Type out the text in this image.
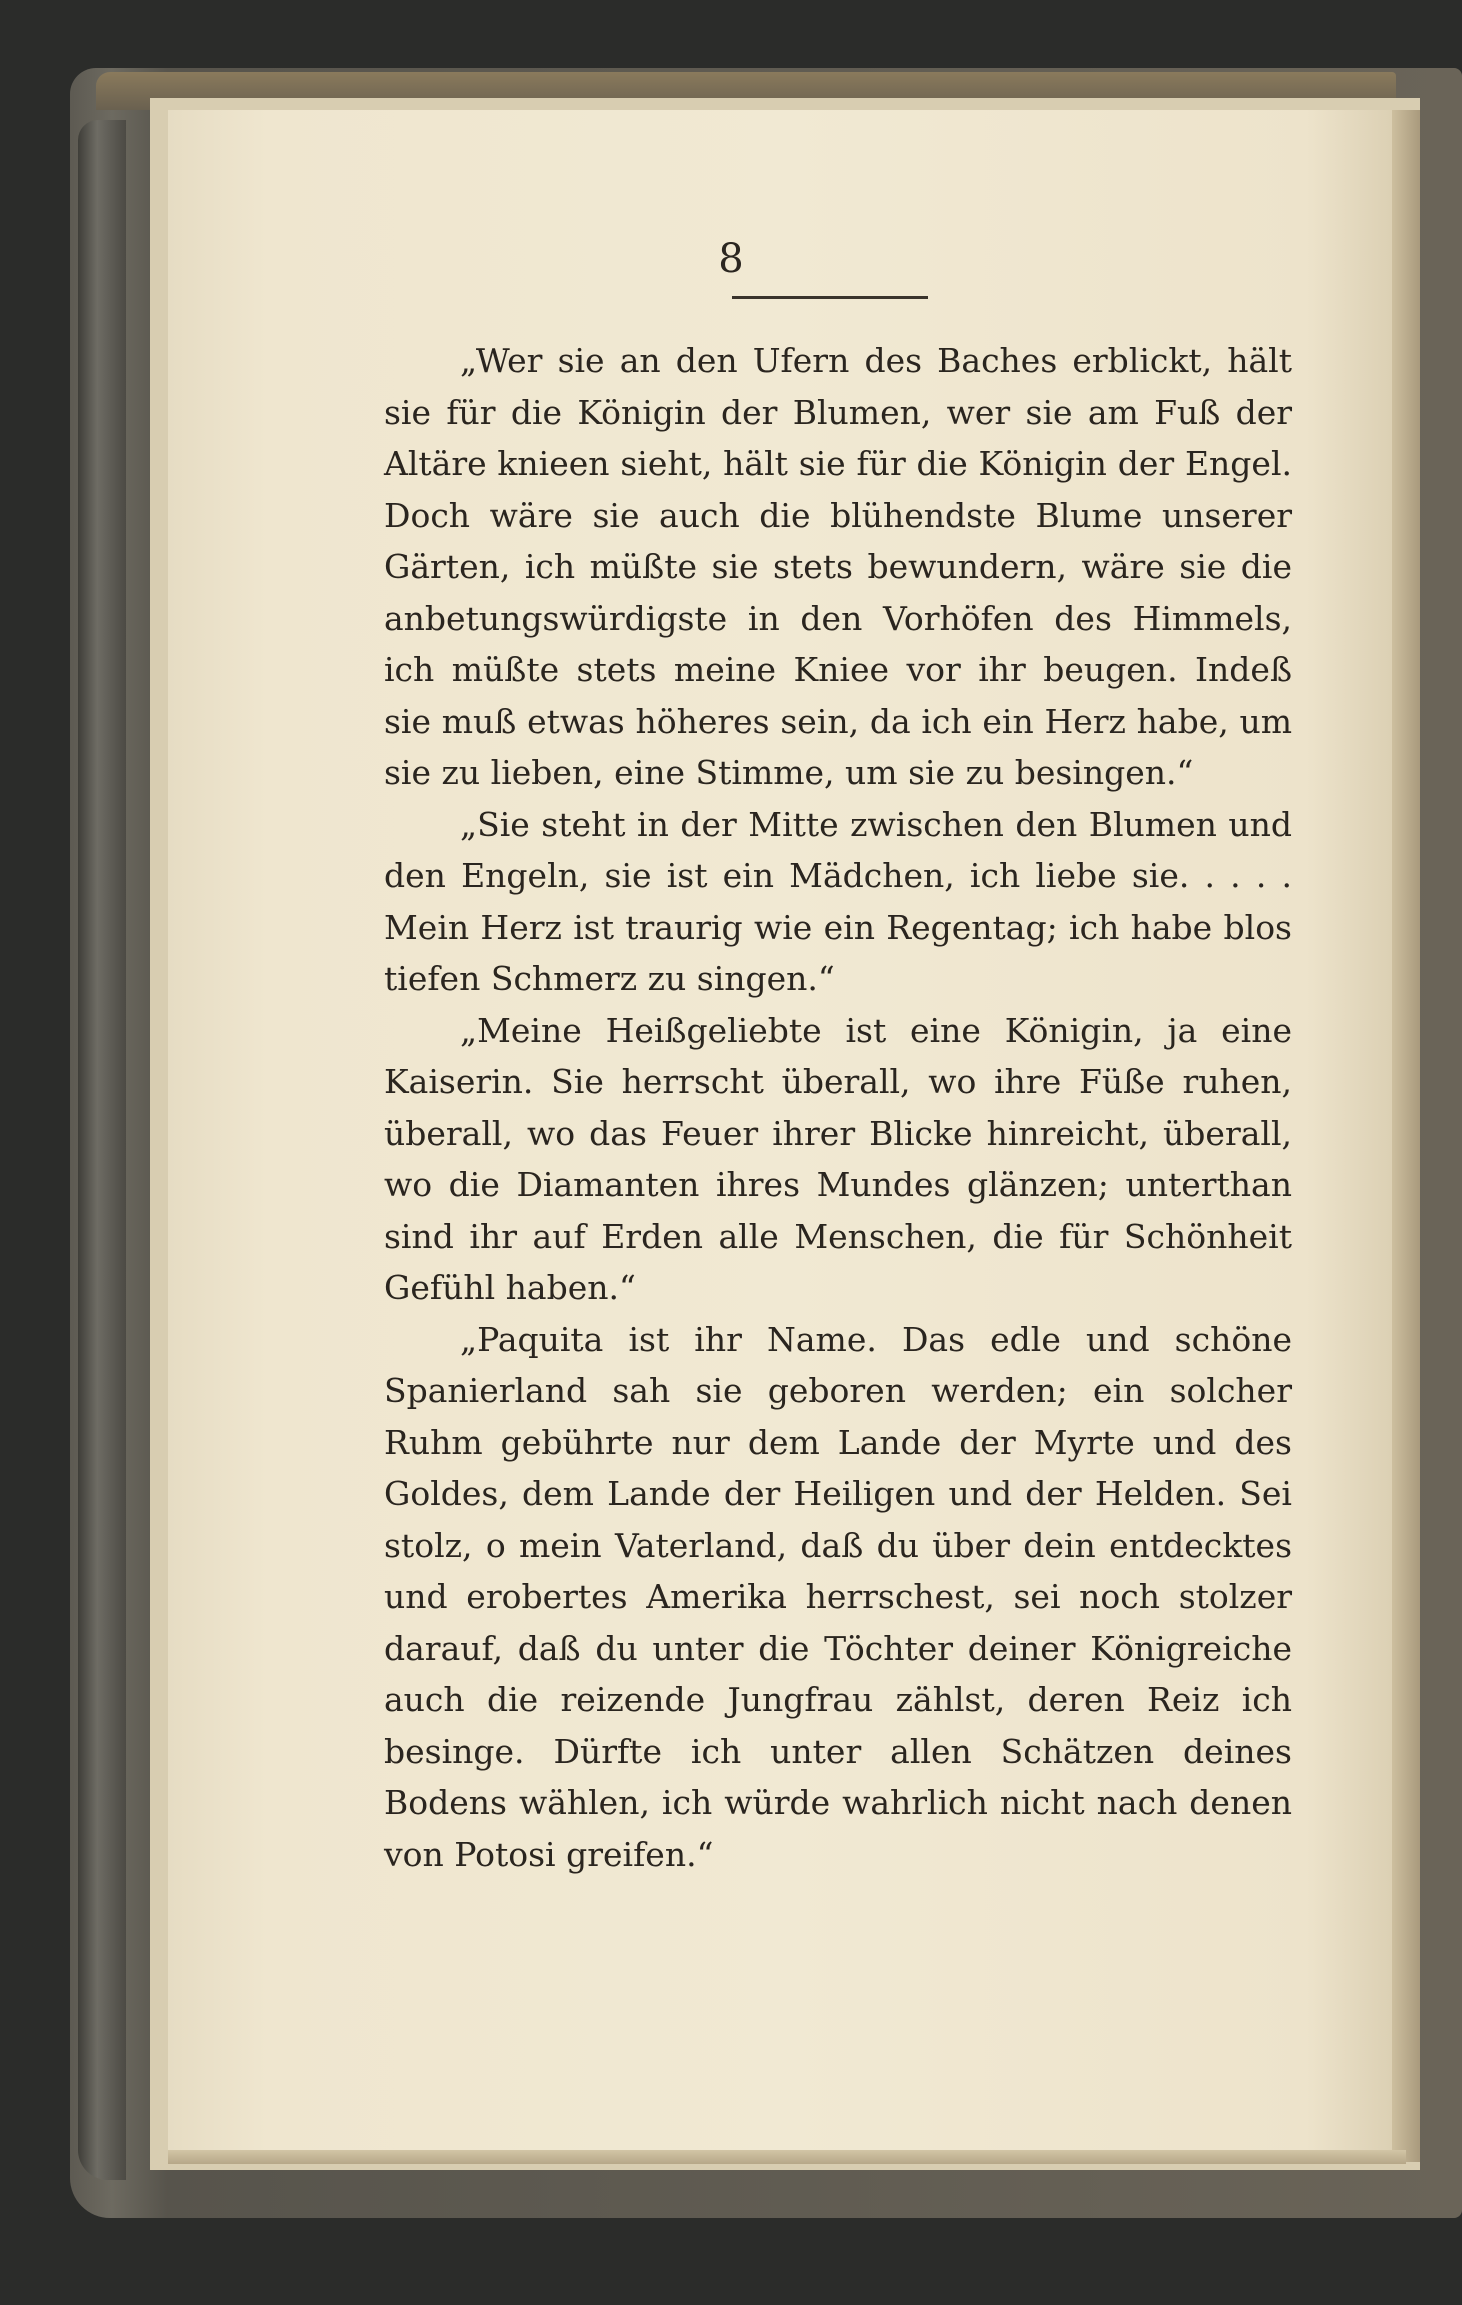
8

„Wer sie an den Ufern des Baches erblickt, hält sie für die Königin der Blumen, wer sie am Fuß der Altäre knieen sieht, hält sie für die Königin der Engel. Doch wäre sie auch die blühendste Blume unserer Gärten, ich müßte sie stets bewundern, wäre sie die anbetungswürdigste in den Vorhöfen des Himmels, ich müßte stets meine Kniee vor ihr beugen. Indeß sie muß etwas höheres sein, da ich ein Herz habe, um sie zu lieben, eine Stimme, um sie zu besingen.“

„Sie steht in der Mitte zwischen den Blumen und den Engeln, sie ist ein Mädchen, ich liebe sie. . . . . Mein Herz ist traurig wie ein Regentag; ich habe blos tiefen Schmerz zu singen.“

„Meine Heißgeliebte ist eine Königin, ja eine Kaiserin. Sie herrscht überall, wo ihre Füße ruhen, überall, wo das Feuer ihrer Blicke hinreicht, überall, wo die Diamanten ihres Mundes glänzen; unterthan sind ihr auf Erden alle Menschen, die für Schönheit Gefühl haben.“

„Paquita ist ihr Name. Das edle und schöne Spanierland sah sie geboren werden; ein solcher Ruhm gebührte nur dem Lande der Myrte und des Goldes, dem Lande der Heiligen und der Helden. Sei stolz, o mein Vaterland, daß du über dein entdecktes und erobertes Amerika herrschest, sei noch stolzer darauf, daß du unter die Töchter deiner Königreiche auch die reizende Jungfrau zählst, deren Reiz ich besinge. Dürfte ich unter allen Schätzen deines Bodens wählen, ich würde wahrlich nicht nach denen von Potosi greifen.“
